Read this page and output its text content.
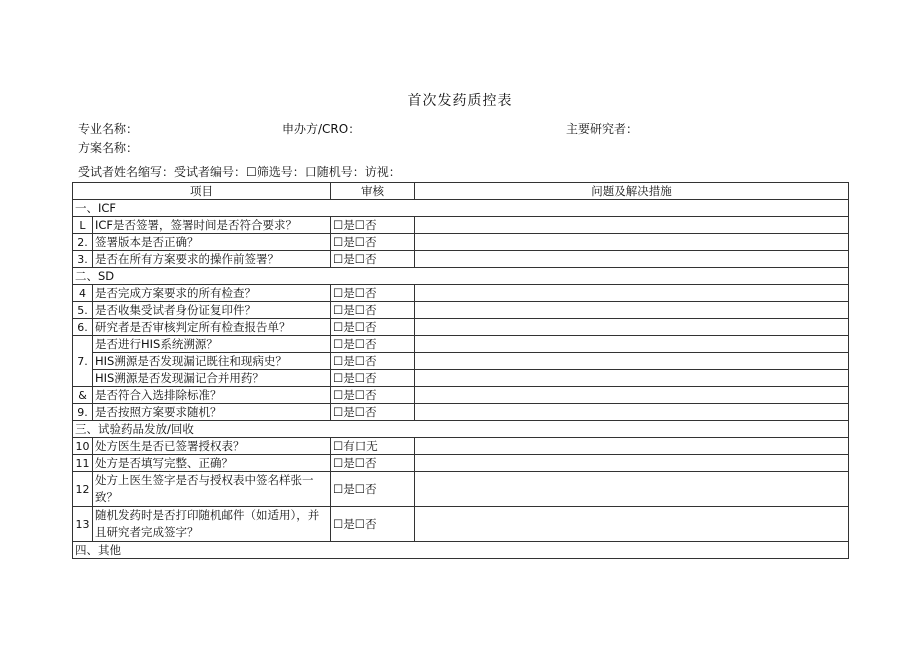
首次发药质控表
专业名称：	申办方/CRO：	主要研究者：
方案名称：
受试者姓名缩写：受试者编号：☐筛选号：口随机号：访视：
项目		审核	问题及解决措施
一、ICF			
L	ICF是否签署，签署时间是否符合要求？	☐是☐否	
2.	签署版本是否正确？	☐是☐否	
3.	是否在所有方案要求的操作前签署？	☐是☐否	
二、SD			
4	是否完成方案要求的所有检查？	☐是☐否	
5.	是否收集受试者身份证复印件？	☐是☐否	
6.	研究者是否审核判定所有检查报告单？	☐是☐否	
7.	是否进行HIS系统溯源？	☐是☐否	
	HIS溯源是否发现漏记既往和现病史？	☐是☐否	
	HIS溯源是否发现漏记合并用药？	☐是☐否	
&	是否符合入选排除标准？	☐是☐否	
9.	是否按照方案要求随机？	☐是☐否	
三、试验药品发放/回收			
10	处方医生是否已签署授权表？	☐有口无	
11	处方是否填写完整、正确？	☐是☐否	
12	处方上医生签字是否与授权表中签名样张一致？	☐是☐否	
13	随机发药时是否打印随机邮件（如适用），并且研究者完成签字？	☐是☐否	
四、其他			
